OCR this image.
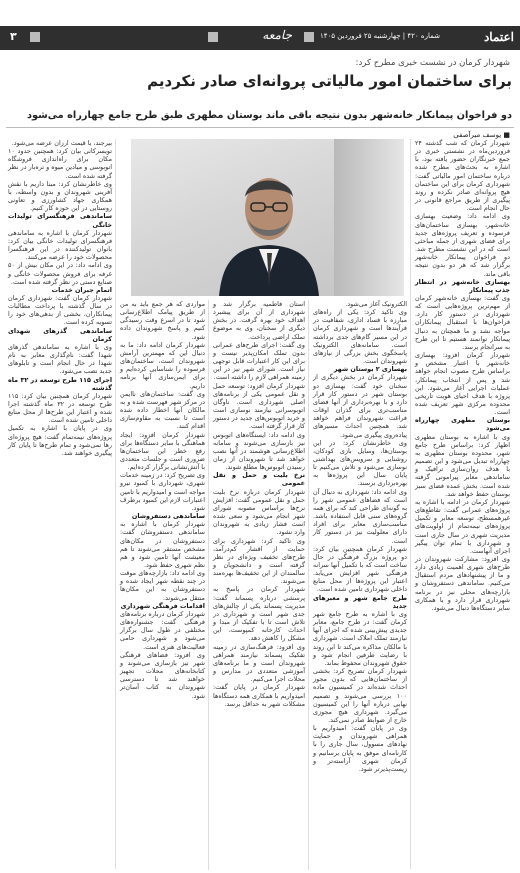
اعتماد
شماره ۴۲۰ | چهارشنبه ۲۵ فروردین ۱۴۰۵
جامعه
۳
شهردار کرمان در نشست خبری مطرح کرد:
برای ساختمان امور مالیاتی پروانه‌ای صادر نکردیم
دو فراخوان پیمانکار خانه‌شهر بدون نتیجه باقی ماند بوستان مطهری طبق طرح جامع چهارراه می‌شود
■ یوسف میرآصفی

شهردار کرمان که شب گذشته ۲۴ فروردین‌ماه در نشستی خبری در جمع خبرنگاران حضور یافته بود، با اشاره به بحث‌های مطرح شده درباره ساختمان امور مالیاتی گفت: شهرداری کرمان برای این ساختمان هیچ پروانه‌ای صادر نکرده و روند پیگیری از طریق مراجع قانونی در حال انجام است.

وی ادامه داد: وضعیت بهسازی خانه‌شهر، بهسازی ساختمان‌های فرسوده و تعریف پروژه‌های جدید برای فضای شهری از جمله مباحثی است که در این نشست مطرح شد. دو فراخوان پیمانکار خانه‌شهر برگزار شد که هر دو بدون نتیجه باقی ماند.

بهسازی خانه‌شهر در انتظار جذب پیمانکار

وی گفت: بهسازی خانه‌شهر کرمان از مهم‌ترین پروژه‌هایی است که شهرداری در دستور کار دارد. فراخوان‌ها با استقبال پیمانکاران مواجه نشد و ما همچنان به دنبال پیمانکار توانمند هستیم تا این طرح به سرانجام برسد.

شهردار کرمان افزود: بهسازی خانه‌شهر با اعتبار مشخص و براساس طرح مصوب انجام خواهد شد و پس از انتخاب پیمانکار، عملیات اجرایی آغاز می‌شود. این پروژه با هدف احیای هویت تاریخی محدوده مرکزی شهر تعریف شده است.

بوستان مطهری چهارراه می‌شود

وی با اشاره به بوستان مطهری اظهار کرد: براساس طرح جامع شهر، محدوده بوستان مطهری به چهارراه تبدیل می‌شود و این تصمیم با هدف روان‌سازی ترافیک و ساماندهی معابر پیرامونی گرفته شده است. بخش عمده فضای سبز بوستان حفظ خواهد شد.

شهردار کرمان در ادامه با اشاره به پروژه‌های عمرانی گفت: تقاطع‌های غیرهمسطح، توسعه معابر و تکمیل پروژه‌های نیمه‌تمام از اولویت‌های مدیریت شهری در سال جاری است و شهرداری با تمام توان پیگیر اجرای آنهاست.

وی افزود: مشارکت شهروندان در طرح‌های شهری اهمیت زیادی دارد و ما از پیشنهادهای مردم استقبال می‌کنیم. ساماندهی دستفروشان و بازارچه‌های محلی نیز در برنامه شهرداری قرار دارد و با همکاری سایر دستگاه‌ها دنبال می‌شود.

الکترونیک آغاز می‌شود.

وی تاکید کرد: یکی از راه‌های مبارزه با فساد اداری، شفافیت در فرآیندها است و شهرداری کرمان در این مسیر گام‌های جدی برداشته است. سامانه‌های الکترونیک پاسخگوی بخش بزرگی از نیازهای شهروندان است.

بهسازی ۲ بوستان شهر

شهردار کرمان در بخش دیگری از سخنان خود گفت: بهسازی دو بوستان شهر در دستور کار قرار دارد و با بهره‌برداری از آنها فضای مناسب‌تری برای گذران اوقات فراغت شهروندان فراهم خواهد شد. همچنین احداث مسیرهای پیاده‌روی پیگیری می‌شود.

وی خاطرنشان کرد: در این بوستان‌ها، وسایل بازی کودکان، روشنایی و سرویس‌های بهداشتی نوسازی می‌شود و تلاش می‌کنیم تا پایان سال این پروژه‌ها به بهره‌برداری برسند.

وی ادامه داد: شهرداری به دنبال آن است که فضاهای عمومی شهر را به گونه‌ای طراحی کند که برای همه گروه‌های سنی قابل استفاده باشد. مناسب‌سازی معابر برای افراد دارای معلولیت نیز در دستور کار است.

شهردار کرمان همچنین بیان کرد: دو پروژه بزرگ فرهنگی در حال ساخت است که با تکمیل آنها سرانه فرهنگی شهر افزایش می‌یابد. اعتبار این پروژه‌ها از محل منابع داخلی شهرداری تامین شده است.

طرح جامع شهر و معبرهای جدید

وی با اشاره به طرح جامع شهر کرمان گفت: در طرح جامع، معابر جدیدی پیش‌بینی شده که اجرای آنها نیازمند تملک املاک است. شهرداری با مالکان مذاکره می‌کند تا این روند با رضایت طرفین انجام شود و حقوق شهروندان محفوظ بماند.

شهردار کرمان تصریح کرد: بخشی از ساختمان‌هایی که بدون مجوز احداث شده‌اند در کمیسیون ماده ۱۰۰ بررسی می‌شوند و تصمیم نهایی درباره آنها را این کمیسیون می‌گیرد. شهرداری هیچ مجوزی خارج از ضوابط صادر نمی‌کند.

وی در پایان گفت: امیدواریم با همراهی شهروندان و حمایت نهادهای مسوول، سال جاری را با کارنامه‌ای موفق به پایان برسانیم و کرمان شهری آراسته‌تر و زیست‌پذیرتر شود.

استان فاطمیه برگزار شد و شهرداری از آن برای پیشبرد اهداف خود بهره گرفت. در بخش دیگری از سخنان، وی به موضوع تملک اراضی پرداخت.

وی گفت: اجرای طرح‌های عمرانی بدون تملک امکان‌پذیر نیست و برای این کار اعتبارات قابل توجهی نیاز است. شورای شهر نیز در این زمینه همراهی لازم را داشته است.

شهردار کرمان افزود: توسعه حمل و نقل عمومی یکی از برنامه‌های اصلی شهرداری است. ناوگان اتوبوسرانی نیازمند نوسازی است و خرید اتوبوس‌های جدید در دستور کار قرار گرفته است.

وی ادامه داد: ایستگاه‌های اتوبوس نیز بازسازی می‌شوند و سامانه اطلاع‌رسانی هوشمند در آنها نصب خواهد شد تا شهروندان از زمان رسیدن اتوبوس‌ها مطلع شوند.

نرخ بلیت و حمل و نقل عمومی

شهردار کرمان درباره نرخ بلیت حمل و نقل عمومی گفت: افزایش نرخ‌ها براساس مصوبه شورای شهر انجام می‌شود و سعی شده است فشار زیادی به شهروندان وارد نشود.

وی تاکید کرد: شهرداری برای حمایت از اقشار کم‌درآمد، طرح‌های تخفیف ویژه‌ای در نظر گرفته است و دانشجویان و سالمندان از این تخفیف‌ها بهره‌مند می‌شوند.

شهردار کرمان در پاسخ به پرسشی درباره پسماند گفت: مدیریت پسماند یکی از چالش‌های جدی شهر است و شهرداری در تلاش است تا با تفکیک از مبدا و احداث کارخانه کمپوست، این مشکل را کاهش دهد.

وی افزود: فرهنگ‌سازی در زمینه تفکیک پسماند نیازمند همراهی شهروندان است و ما برنامه‌های آموزشی متعددی در مدارس و محلات اجرا می‌کنیم.

شهردار کرمان در پایان گفت: امیدواریم با همکاری همه دستگاه‌ها مشکلات شهر به حداقل برسد.

مواردی که هر جمع باید به من از طریق پیامک اطلاع‌رسانی شود تا در اسرع وقت رسیدگی کنیم و پاسخ شهروندان داده شود.

شهردار کرمان ادامه داد: ما به دنبال این که مهمترین آرامش شهروندان است، ساختمان‌های فرسوده را شناسایی کرده‌ایم و برای ایمن‌سازی آنها برنامه داریم.

وی گفت: ساختمان‌های ناایمن در مرکز شهر فهرست شده و به مالکان آنها اخطار داده شده است تا نسبت به مقاوم‌سازی اقدام کنند.

شهردار کرمان افزود: ایجاد هماهنگی با سایر دستگاه‌ها برای رفع خطر این ساختمان‌ها ضروری است و جلسات متعددی با آتش‌نشانی برگزار کرده‌ایم.

وی تصریح کرد: در زمینه خدمات شهری، شهرداری با کمبود نیرو مواجه است و امیدواریم با تامین اعتبارات لازم این کمبود برطرف شود.

ساماندهی دستفروشان

شهردار کرمان با اشاره به ساماندهی دستفروشان گفت: دستفروشان در مکان‌های مشخص مستقر می‌شوند تا هم معیشت آنها تامین شود و هم نظم شهری حفظ شود.

وی ادامه داد: بازارچه‌های موقت در چند نقطه شهر ایجاد شده و دستفروشان به این مکان‌ها منتقل می‌شوند.

اقدامات فرهنگی شهرداری

شهردار کرمان درباره برنامه‌های فرهنگی گفت: جشنواره‌های مختلفی در طول سال برگزار می‌شود و شهرداری حامی فعالیت‌های هنری است.

وی افزود: فضاهای فرهنگی شهر نیز بازسازی می‌شوند و کتابخانه‌های محلات تجهیز خواهند شد تا دسترسی شهروندان به کتاب آسان‌تر شود.

بیرجند، با قیمت ارزان عرضه می‌شود.

تویسرکانی بیان کرد: همچنین حدود ۱۰ مکان برای راه‌اندازی فروشگاه اتوبوسی و میادین میوه و تره‌بار در نظر گرفته شده است.

وی خاطرنشان کرد: مبنا داریم با نقش آفرینی شهروندان و بدون واسطه، با همکاری جهاد کشاورزی و تعاونی روستایی در این حوزه کار کنیم.

ساماندهی فرهنگسرای تولیدات خانگی

شهردار کرمان با اشاره به ساماندهی فرهنگسرای تولیدات خانگی بیان کرد: بانوان تولیدکننده در این فرهنگسرا محصولات خود را عرضه می‌کنند.

وی ادامه داد: در این مکان بیش از ۵۰ غرفه برای فروش محصولات خانگی و صنایع دستی در نظر گرفته شده است.

اتمام جبران خدمات

شهردار کرمان گفت: شهرداری کرمان در سال گذشته با پرداخت مطالبات پیمانکاران، بخشی از بدهی‌های خود را تسویه کرده است.

ساماندهی گذرهای شهدای کرمان

وی با اشاره به ساماندهی گذرهای شهدا گفت: نام‌گذاری معابر به نام شهدا در حال انجام است و تابلوهای جدید نصب می‌شود.

اجرای ۱۱۵ طرح توسعه در ۳۲ ماه گذشته

شهردار کرمان همچنین بیان کرد: ۱۱۵ طرح توسعه در ۳۲ ماه گذشته اجرا شده و اعتبار این طرح‌ها از محل منابع داخلی تامین شده است.

وی در پایان با اشاره به تکمیل پروژه‌های نیمه‌تمام گفت: هیچ پروژه‌ای رها نمی‌شود و تمام طرح‌ها تا پایان کار پیگیری خواهند شد.
